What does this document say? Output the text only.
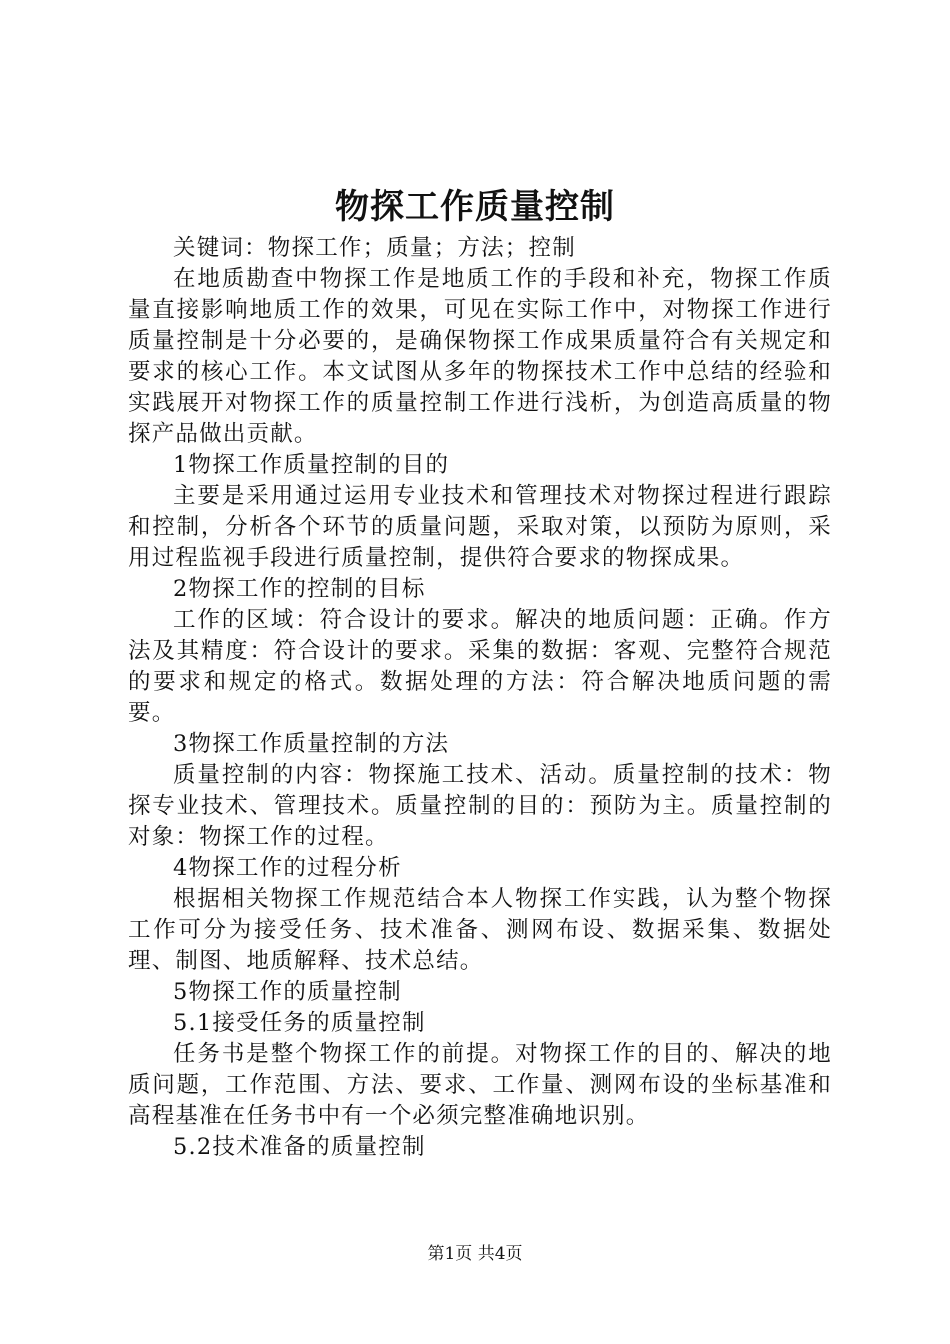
物探工作质量控制

关键词：物探工作；质量；方法；控制

在地质勘查中物探工作是地质工作的手段和补充，物探工作质量直接影响地质工作的效果，可见在实际工作中，对物探工作进行质量控制是十分必要的，是确保物探工作成果质量符合有关规定和要求的核心工作。本文试图从多年的物探技术工作中总结的经验和实践展开对物探工作的质量控制工作进行浅析，为创造高质量的物探产品做出贡献。

1物探工作质量控制的目的

主要是采用通过运用专业技术和管理技术对物探过程进行跟踪和控制，分析各个环节的质量问题，采取对策，以预防为原则，采用过程监视手段进行质量控制，提供符合要求的物探成果。

2物探工作的控制的目标

工作的区域：符合设计的要求。解决的地质问题：正确。作方法及其精度：符合设计的要求。采集的数据：客观、完整符合规范的要求和规定的格式。数据处理的方法：符合解决地质问题的需要。

3物探工作质量控制的方法

质量控制的内容：物探施工技术、活动。质量控制的技术：物探专业技术、管理技术。质量控制的目的：预防为主。质量控制的对象：物探工作的过程。

4物探工作的过程分析

根据相关物探工作规范结合本人物探工作实践，认为整个物探工作可分为接受任务、技术准备、测网布设、数据采集、数据处理、制图、地质解释、技术总结。

5物探工作的质量控制

5.1接受任务的质量控制

任务书是整个物探工作的前提。对物探工作的目的、解决的地质问题，工作范围、方法、要求、工作量、测网布设的坐标基准和高程基准在任务书中有一个必须完整准确地识别。

5.2技术准备的质量控制

第1页 共4页
